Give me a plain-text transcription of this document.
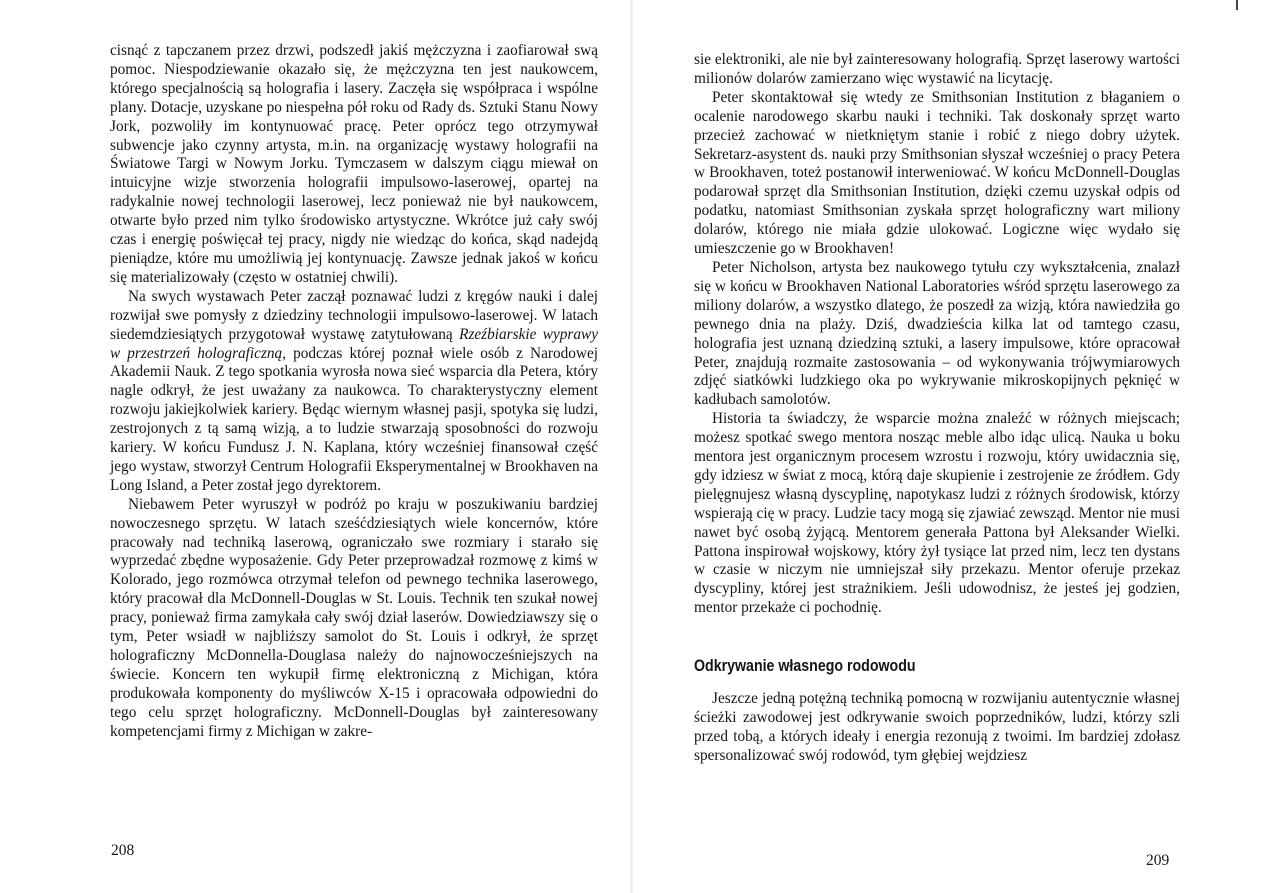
cisnąć z tapczanem przez drzwi, podszedł jakiś mężczyzna i zaofiarował swą pomoc. Niespodziewanie okazało się, że mężczyzna ten jest naukowcem, którego specjalnością są holografia i lasery. Zaczęła się współpraca i wspólne plany. Dotacje, uzyskane po niespełna pół roku od Rady ds. Sztuki Stanu Nowy Jork, pozwoliły im kontynuować pracę. Peter oprócz tego otrzymywał subwencje jako czynny artysta, m.in. na organizację wystawy holografii na Światowe Targi w Nowym Jorku. Tymczasem w dalszym ciągu miewał on intuicyjne wizje stworzenia holografii impulsowo-laserowej, opartej na radykalnie nowej technologii laserowej, lecz ponieważ nie był naukowcem, otwarte było przed nim tylko środowisko artystyczne. Wkrótce już cały swój czas i energię poświęcał tej pracy, nigdy nie wiedząc do końca, skąd nadejdą pieniądze, które mu umożliwią jej kontynuację. Zawsze jednak jakoś w końcu się materializowały (często w ostatniej chwili).

Na swych wystawach Peter zaczął poznawać ludzi z kręgów nauki i dalej rozwijał swe pomysły z dziedziny technologii impulsowo-laserowej. W latach siedemdziesiątych przygotował wystawę zatytułowaną Rzeźbiarskie wyprawy w przestrzeń holograficzną, podczas której poznał wiele osób z Narodowej Akademii Nauk. Z tego spotkania wyrosła nowa sieć wsparcia dla Petera, który nagle odkrył, że jest uważany za naukowca. To charakterystyczny element rozwoju jakiejkolwiek kariery. Będąc wiernym własnej pasji, spotyka się ludzi, zestrojonych z tą samą wizją, a to ludzie stwarzają sposobności do rozwoju kariery. W końcu Fundusz J. N. Kaplana, który wcześniej finansował część jego wystaw, stworzył Centrum Holografii Eksperymentalnej w Brookhaven na Long Island, a Peter został jego dyrektorem.

Niebawem Peter wyruszył w podróż po kraju w poszukiwaniu bardziej nowoczesnego sprzętu. W latach sześćdziesiątych wiele koncernów, które pracowały nad techniką laserową, ograniczało swe rozmiary i starało się wyprzedać zbędne wyposażenie. Gdy Peter przeprowadzał rozmowę z kimś w Kolorado, jego rozmówca otrzymał telefon od pewnego technika laserowego, który pracował dla McDonnell-Douglas w St. Louis. Technik ten szukał nowej pracy, ponieważ firma zamykała cały swój dział laserów. Dowiedziawszy się o tym, Peter wsiadł w najbliższy samolot do St. Louis i odkrył, że sprzęt holograficzny McDonnella-Douglasa należy do najnowocześniejszych na świecie. Koncern ten wykupił firmę elektroniczną z Michigan, która produkowała komponenty do myśliwców X-15 i opracowała odpowiedni do tego celu sprzęt holograficzny. McDonnell-Douglas był zainteresowany kompetencjami firmy z Michigan w zakre-

208

sie elektroniki, ale nie był zainteresowany holografią. Sprzęt laserowy wartości milionów dolarów zamierzano więc wystawić na licytację.

Peter skontaktował się wtedy ze Smithsonian Institution z błaganiem o ocalenie narodowego skarbu nauki i techniki. Tak doskonały sprzęt warto przecież zachować w nietkniętym stanie i robić z niego dobry użytek. Sekretarz-asystent ds. nauki przy Smithsonian słyszał wcześniej o pracy Petera w Brookhaven, toteż postanowił interweniować. W końcu McDonnell-Douglas podarował sprzęt dla Smithsonian Institution, dzięki czemu uzyskał odpis od podatku, natomiast Smithsonian zyskała sprzęt holograficzny wart miliony dolarów, którego nie miała gdzie ulokować. Logiczne więc wydało się umieszczenie go w Brookhaven!

Peter Nicholson, artysta bez naukowego tytułu czy wykształcenia, znalazł się w końcu w Brookhaven National Laboratories wśród sprzętu laserowego za miliony dolarów, a wszystko dlatego, że poszedł za wizją, która nawiedziła go pewnego dnia na plaży. Dziś, dwadzieścia kilka lat od tamtego czasu, holografia jest uznaną dziedziną sztuki, a lasery impulsowe, które opracował Peter, znajdują rozmaite zastosowania – od wykonywania trójwymiarowych zdjęć siatkówki ludzkiego oka po wykrywanie mikroskopijnych pęknięć w kadłubach samolotów.

Historia ta świadczy, że wsparcie można znaleźć w różnych miejscach; możesz spotkać swego mentora nosząc meble albo idąc ulicą. Nauka u boku mentora jest organicznym procesem wzrostu i rozwoju, który uwidacznia się, gdy idziesz w świat z mocą, którą daje skupienie i zestrojenie ze źródłem. Gdy pielęgnujesz własną dyscyplinę, napotykasz ludzi z różnych środowisk, którzy wspierają cię w pracy. Ludzie tacy mogą się zjawiać zewsząd. Mentor nie musi nawet być osobą żyjącą. Mentorem generała Pattona był Aleksander Wielki. Pattona inspirował wojskowy, który żył tysiące lat przed nim, lecz ten dystans w czasie w niczym nie umniejszał siły przekazu. Mentor oferuje przekaz dyscypliny, której jest strażnikiem. Jeśli udowodnisz, że jesteś jej godzien, mentor przekaże ci pochodnię.

Odkrywanie własnego rodowodu

Jeszcze jedną potężną techniką pomocną w rozwijaniu autentycznie własnej ścieżki zawodowej jest odkrywanie swoich poprzedników, ludzi, którzy szli przed tobą, a których ideały i energia rezonują z twoimi. Im bardziej zdołasz spersonalizować swój rodowód, tym głębiej wejdziesz

209
